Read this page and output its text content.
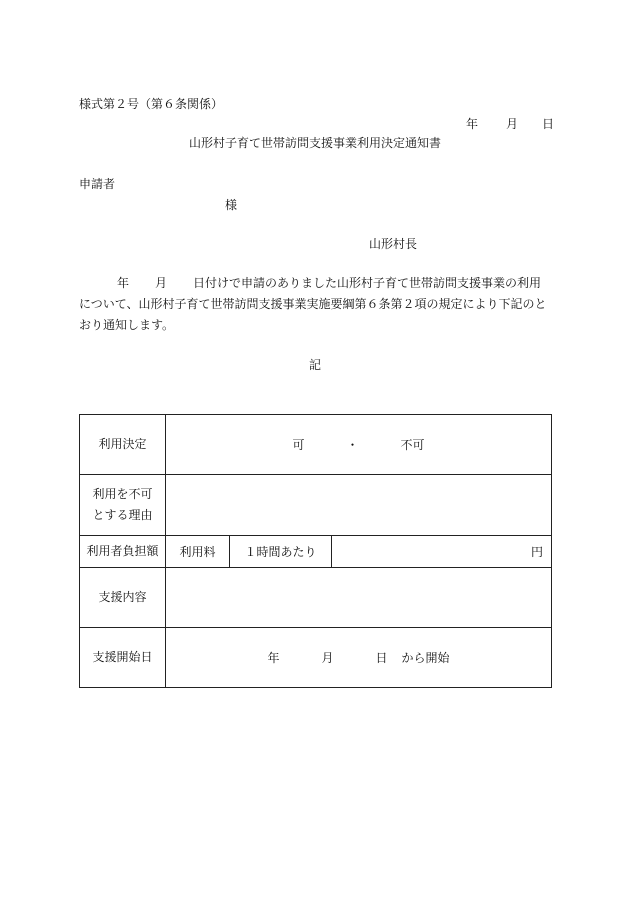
様式第２号（第６条関係）
年 月 日
山形村子育て世帯訪問支援事業利用決定通知書
申請者
様
山形村長
年 月 日付けで申請のありました山形村子育て世帯訪問支援事業の利用
について、山形村子育て世帯訪問支援事業実施要綱第６条第２項の規定により下記のと
おり通知します。
記
利用決定	可 ・ 不可		

利用を不可
とする理由			

利用者負担額	利用料	１時間あたり	円
支援内容			
支援開始日	年 月 日 から開始		
